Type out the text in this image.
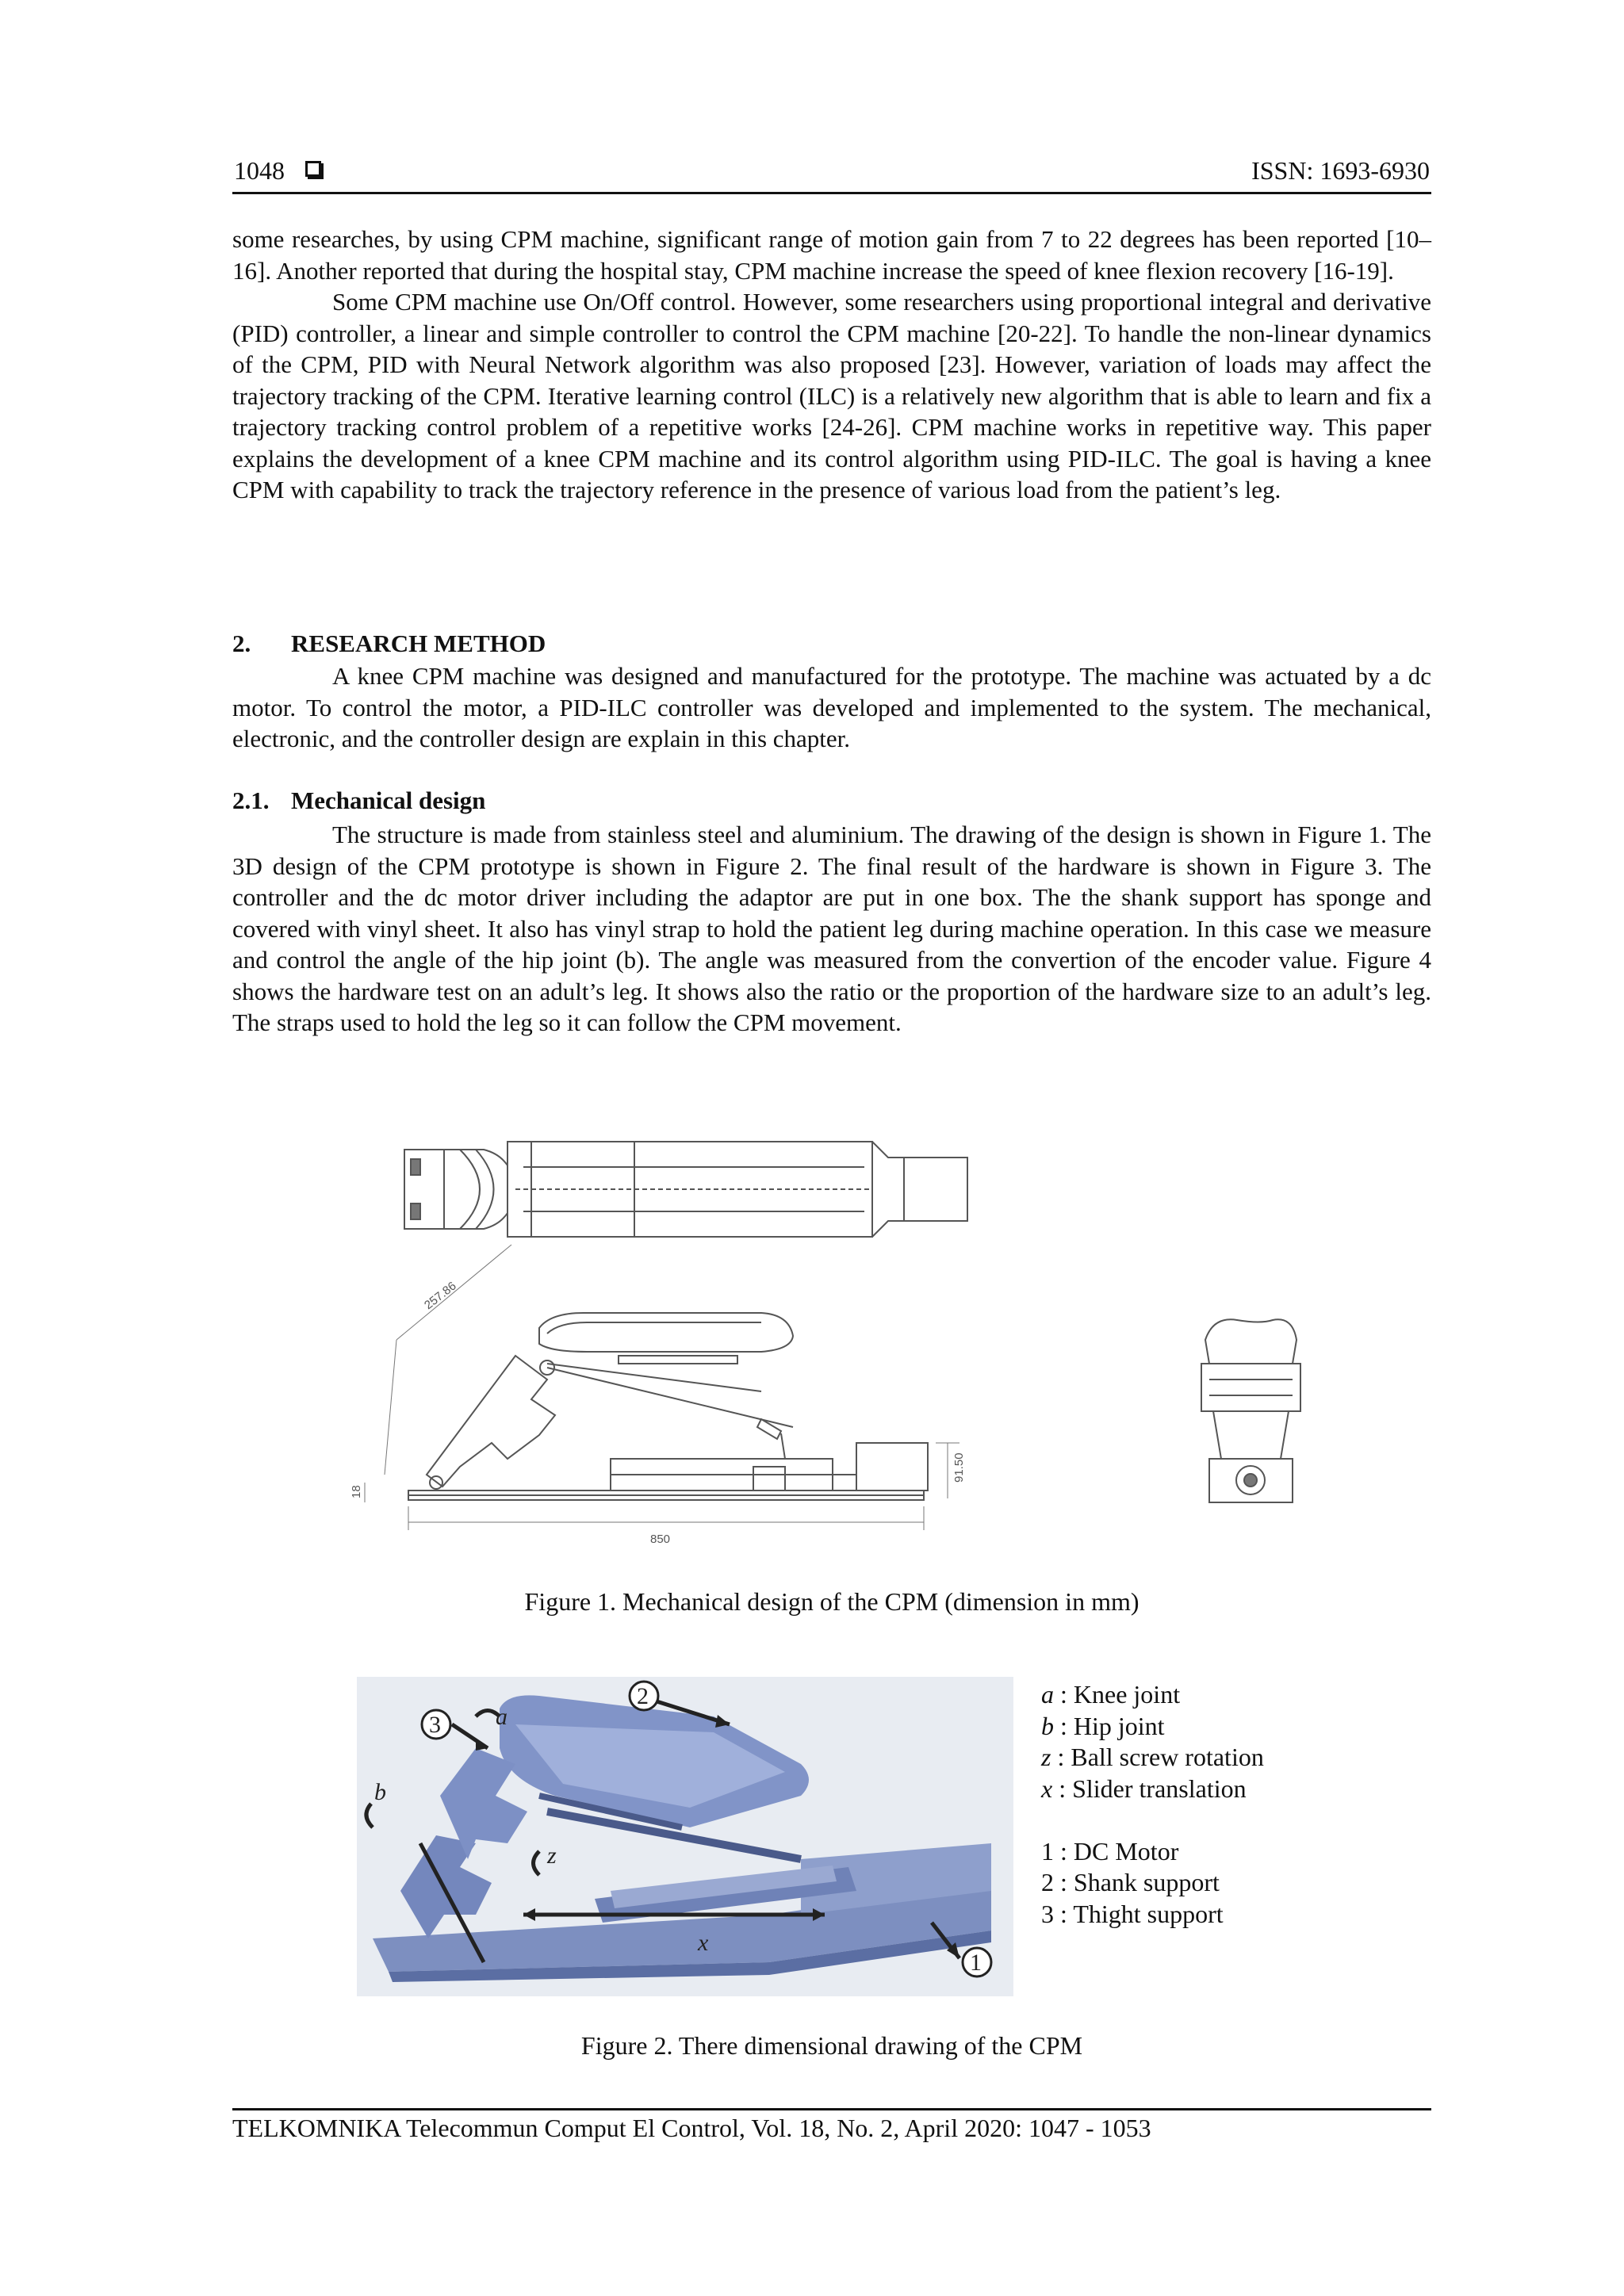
1048	ISSN: 1693-6930

some researches, by using CPM machine, significant range of motion gain from 7 to 22 degrees has been reported [10–16]. Another reported that during the hospital stay, CPM machine increase the speed of knee flexion recovery [16-19].

Some CPM machine use On/Off control. However, some researchers using proportional integral and derivative (PID) controller, a linear and simple controller to control the CPM machine [20-22]. To handle the non-linear dynamics of the CPM, PID with Neural Network algorithm was also proposed [23]. However, variation of loads may affect the trajectory tracking of the CPM. Iterative learning control (ILC) is a relatively new algorithm that is able to learn and fix a trajectory tracking control problem of a repetitive works [24-26]. CPM machine works in repetitive way. This paper explains the development of a knee CPM machine and its control algorithm using PID-ILC. The goal is having a knee CPM with capability to track the trajectory reference in the presence of various load from the patient’s leg.

2. RESEARCH METHOD

A knee CPM machine was designed and manufactured for the prototype. The machine was actuated by a dc motor. To control the motor, a PID-ILC controller was developed and implemented to the system. The mechanical, electronic, and the controller design are explain in this chapter.

2.1. Mechanical design

The structure is made from stainless steel and aluminium. The drawing of the design is shown in Figure 1. The 3D design of the CPM prototype is shown in Figure 2. The final result of the hardware is shown in Figure 3. The controller and the dc motor driver including the adaptor are put in one box. The the shank support has sponge and covered with vinyl sheet. It also has vinyl strap to hold the patient leg during machine operation. In this case we measure and control the angle of the hip joint (b). The angle was measured from the convertion of the encoder value. Figure 4 shows the hardware test on an adult’s leg. It shows also the ratio or the proportion of the hardware size to an adult’s leg. The straps used to hold the leg so it can follow the CPM movement.

257.86
850
91.50
18
Figure 1. Mechanical design of the CPM (dimension in mm)
2
3
1
a
b
z
x
a : Knee joint
b : Hip joint
z : Ball screw rotation
x : Slider translation
1 : DC Motor
2 : Shank support
3 : Thight support
Figure 2. There dimensional drawing of the CPM
TELKOMNIKA Telecommun Comput El Control, Vol. 18, No. 2, April 2020: 1047 - 1053
